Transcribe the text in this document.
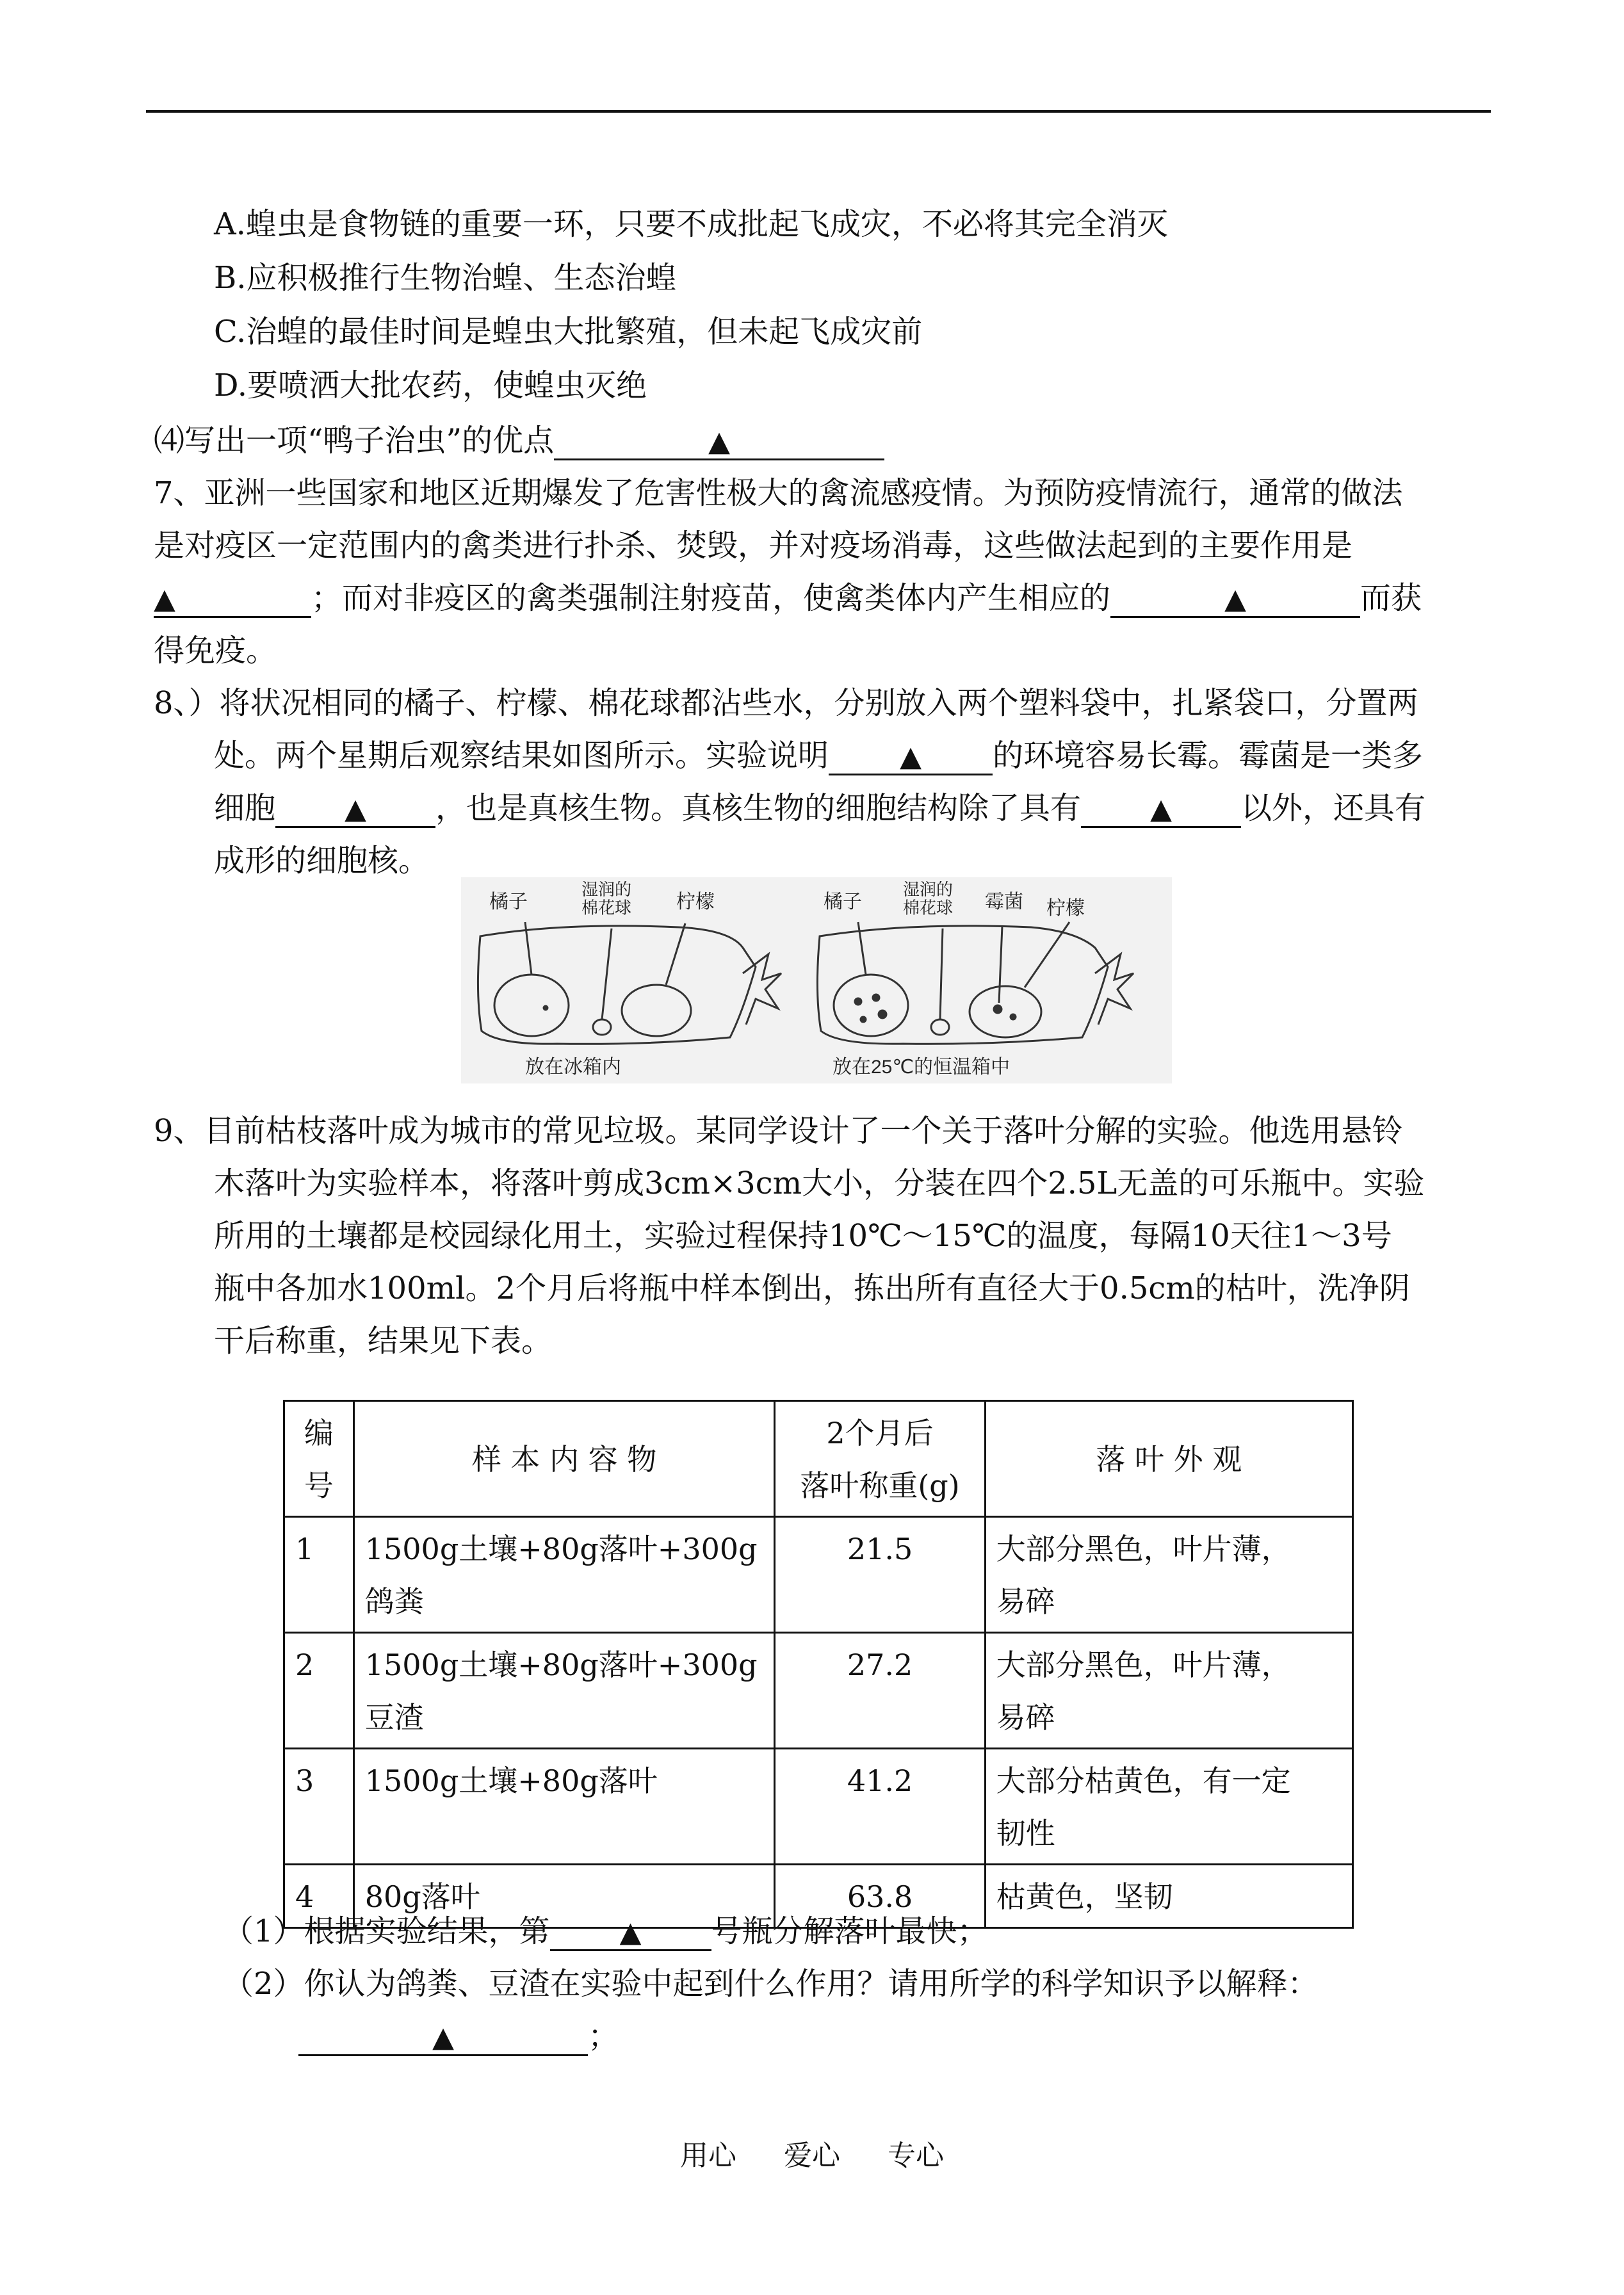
A.蝗虫是食物链的重要一环，只要不成批起飞成灾，不必将其完全消灭
B.应积极推行生物治蝗、生态治蝗
C.治蝗的最佳时间是蝗虫大批繁殖，但未起飞成灾前
D.要喷洒大批农药，使蝗虫灭绝
⑷写出一项“鸭子治虫”的优点	▲
7、亚洲一些国家和地区近期爆发了危害性极大的禽流感疫情。为预防疫情流行，通常的做法
是对疫区一定范围内的禽类进行扑杀、焚毁，并对疫场消毒，这些做法起到的主要作用是
▲	；而对非疫区的禽类强制注射疫苗，使禽类体内产生相应的	▲	而获
得免疫。
8、）将状况相同的橘子、柠檬、棉花球都沾些水，分别放入两个塑料袋中，扎紧袋口，分置两
处。两个星期后观察结果如图所示。实验说明	▲ 的环境容易长霉。霉菌是一类多
细胞 ▲ ，也是真核生物。真核生物的细胞结构除了具有 ▲ 以外，还具有
成形的细胞核。
橘子
湿润的棉花球 柠檬
放在冰箱内
橘子
湿润的棉花球 霉菌 柠檬
放在25℃的恒温箱中
9、目前枯枝落叶成为城市的常见垃圾。某同学设计了一个关于落叶分解的实验。他选用悬铃
木落叶为实验样本，将落叶剪成3cm×3cm大小，分装在四个2.5L无盖的可乐瓶中。实验
所用的土壤都是校园绿化用土，实验过程保持10℃～15℃的温度，每隔10天往1～3号
瓶中各加水100ml。2个月后将瓶中样本倒出，拣出所有直径大于0.5cm的枯叶，洗净阴
干后称重，结果见下表。
编
号	样 本 内 容 物	2个月后
落叶称重(g)	落 叶 外 观
1	1500g土壤+80g落叶+300g
鸽粪	21.5	大部分黑色，叶片薄，
易碎
2	1500g土壤+80g落叶+300g
豆渣	27.2	大部分黑色，叶片薄，
易碎
3	1500g土壤+80g落叶	41.2	大部分枯黄色，有一定
韧性
4	80g落叶	63.8	枯黄色，坚韧
（1）根据实验结果，第 ▲ 号瓶分解落叶最快；
（2）你认为鸽粪、豆渣在实验中起到什么作用？请用所学的科学知识予以解释：
▲	；
用心 爱心 专心
